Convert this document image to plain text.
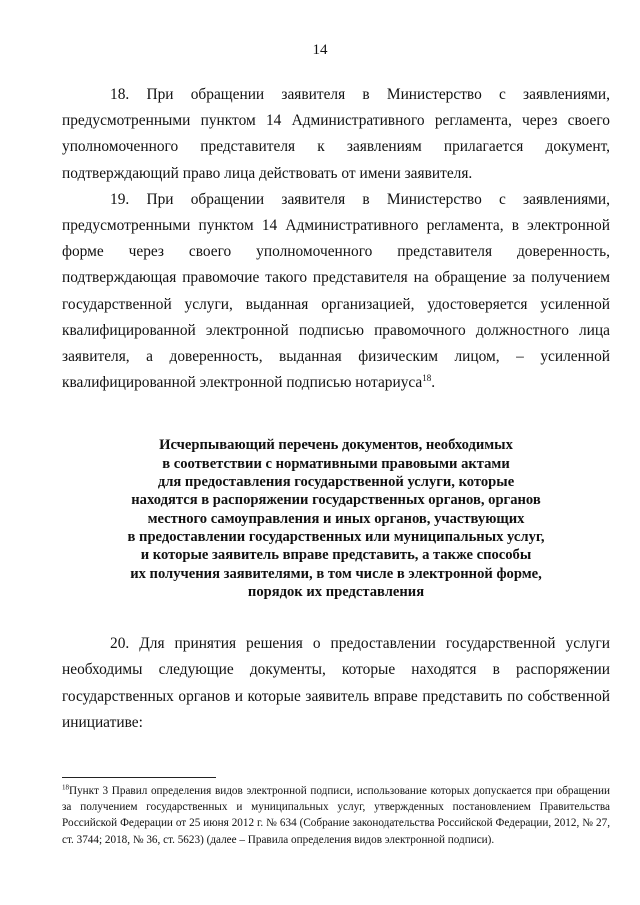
14

18. При обращении заявителя в Министерство с заявлениями, предусмотренными пунктом 14 Административного регламента, через своего уполномоченного представителя к заявлениям прилагается документ, подтверждающий право лица действовать от имени заявителя.

19. При обращении заявителя в Министерство с заявлениями, предусмотренными пунктом 14 Административного регламента, в электронной форме через своего уполномоченного представителя доверенность, подтверждающая правомочие такого представителя на обращение за получением государственной услуги, выданная организацией, удостоверяется усиленной квалифицированной электронной подписью правомочного должностного лица заявителя, а доверенность, выданная физическим лицом, – усиленной квалифицированной электронной подписью нотариуса$^{18}$.

Исчерпывающий перечень документов, необходимых
в соответствии с нормативными правовыми актами
для предоставления государственной услуги, которые
находятся в распоряжении государственных органов, органов
местного самоуправления и иных органов, участвующих
в предоставлении государственных или муниципальных услуг,
и которые заявитель вправе представить, а также способы
их получения заявителями, в том числе в электронной форме,
порядок их представления

20. Для принятия решения о предоставлении государственной услуги необходимы следующие документы, которые находятся в распоряжении государственных органов и которые заявитель вправе представить по собственной инициативе:

$^{18}$Пункт 3 Правил определения видов электронной подписи, использование которых допускается при обращении за получением государственных и муниципальных услуг, утвержденных постановлением Правительства Российской Федерации от 25 июня 2012 г. № 634 (Собрание законодательства Российской Федерации, 2012, № 27, ст. 3744; 2018, № 36, ст. 5623) (далее – Правила определения видов электронной подписи).
